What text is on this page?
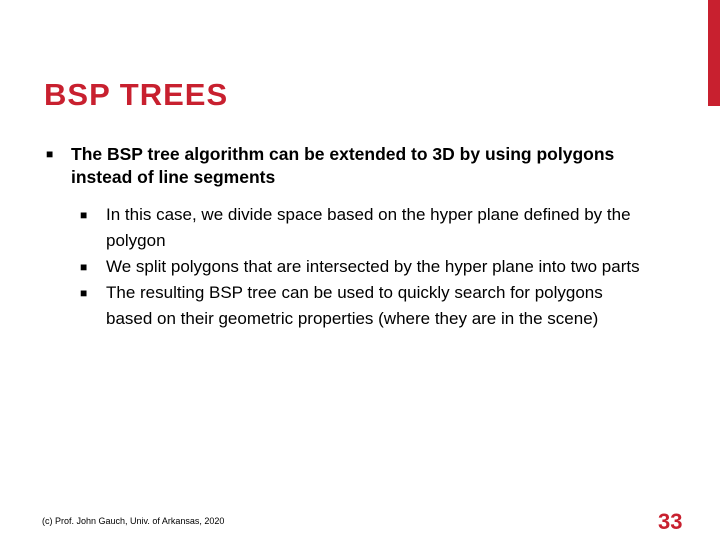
BSP TREES
■ The BSP tree algorithm can be extended to 3D by using polygons instead of line segments
■ In this case, we divide space based on the hyper plane defined by the polygon
■ We split polygons that are intersected by the hyper plane into two parts
■ The resulting BSP tree can be used to quickly search for polygons based on their geometric properties (where they are in the scene)
(c) Prof. John Gauch, Univ. of Arkansas, 2020	33
